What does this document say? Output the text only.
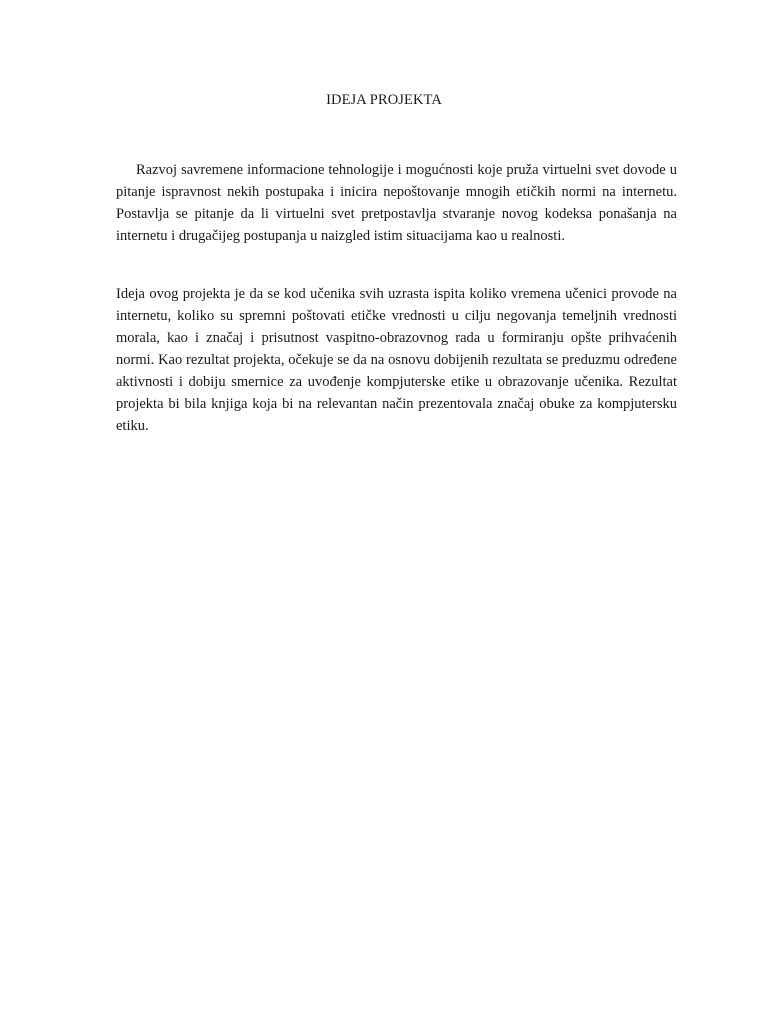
IDEJA PROJEKTA

Razvoj savremene informacione tehnologije i mogućnosti koje pruža virtuelni svet dovode u pitanje ispravnost nekih postupaka i inicira nepoštovanje mnogih etičkih normi na internetu. Postavlja se pitanje da li virtuelni svet pretpostavlja stvaranje novog kodeksa ponašanja na internetu i drugačijeg postupanja u naizgled istim situacijama kao u realnosti.

Ideja ovog projekta je da se kod učenika svih uzrasta ispita koliko vremena učenici provode na internetu, koliko su spremni poštovati etičke vrednosti u cilju negovanja temeljnih vrednosti morala, kao i značaj i prisutnost vaspitno-obrazovnog rada u formiranju opšte prihvaćenih normi. Kao rezultat projekta, očekuje se da na osnovu dobijenih rezultata se preduzmu određene aktivnosti i dobiju smernice za uvođenje kompjuterske etike u obrazovanje učenika. Rezultat projekta bi bila knjiga koja bi na relevantan način prezentovala značaj obuke za kompjutersku etiku.
